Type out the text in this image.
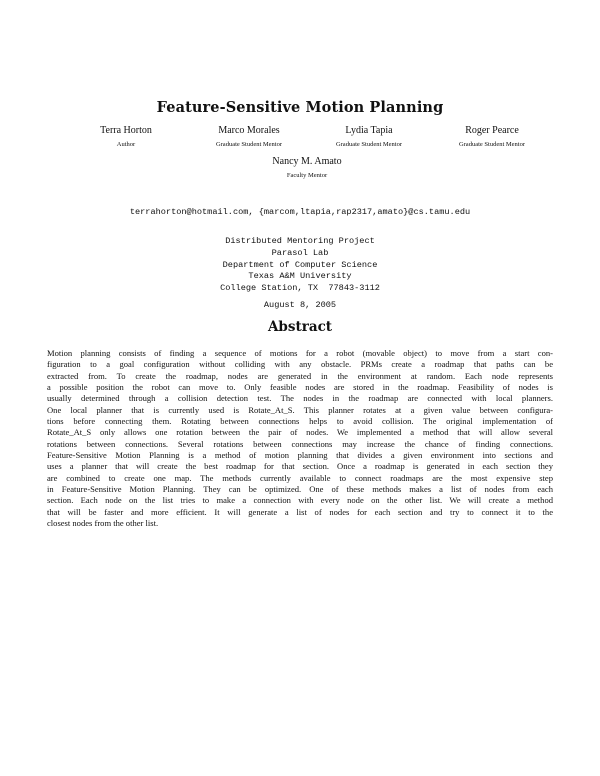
Feature-Sensitive Motion Planning
Terra Horton
Author
Marco Morales
Graduate Student Mentor
Lydia Tapia
Graduate Student Mentor
Roger Pearce
Graduate Student Mentor
Nancy M. Amato
Faculty Mentor
terrahorton@hotmail.com, {marcom,ltapia,rap2317,amato}@cs.tamu.edu
Distributed Mentoring Project
Parasol Lab
Department of Computer Science
Texas A&M University
College Station, TX  77843-3112
August 8, 2005
Abstract
Motion planning consists of finding a sequence of motions for a robot (movable object) to move from a start con-
figuration to a goal configuration without colliding with any obstacle. PRMs create a roadmap that paths can be
extracted from. To create the roadmap, nodes are generated in the environment at random. Each node represents
a possible position the robot can move to. Only feasible nodes are stored in the roadmap. Feasibility of nodes is
usually determined through a collision detection test. The nodes in the roadmap are connected with local planners.
One local planner that is currently used is Rotate_At_S. This planner rotates at a given value between configura-
tions before connecting them. Rotating between connections helps to avoid collision. The original implementation of
Rotate_At_S only allows one rotation between the pair of nodes. We implemented a method that will allow several
rotations between connections. Several rotations between connections may increase the chance of finding connections.
Feature-Sensitive Motion Planning is a method of motion planning that divides a given environment into sections and
uses a planner that will create the best roadmap for that section. Once a roadmap is generated in each section they
are combined to create one map. The methods currently available to connect roadmaps are the most expensive step
in Feature-Sensitive Motion Planning. They can be optimized. One of these methods makes a list of nodes from each
section. Each node on the list tries to make a connection with every node on the other list. We will create a method
that will be faster and more efficient. It will generate a list of nodes for each section and try to connect it to the
closest nodes from the other list.
